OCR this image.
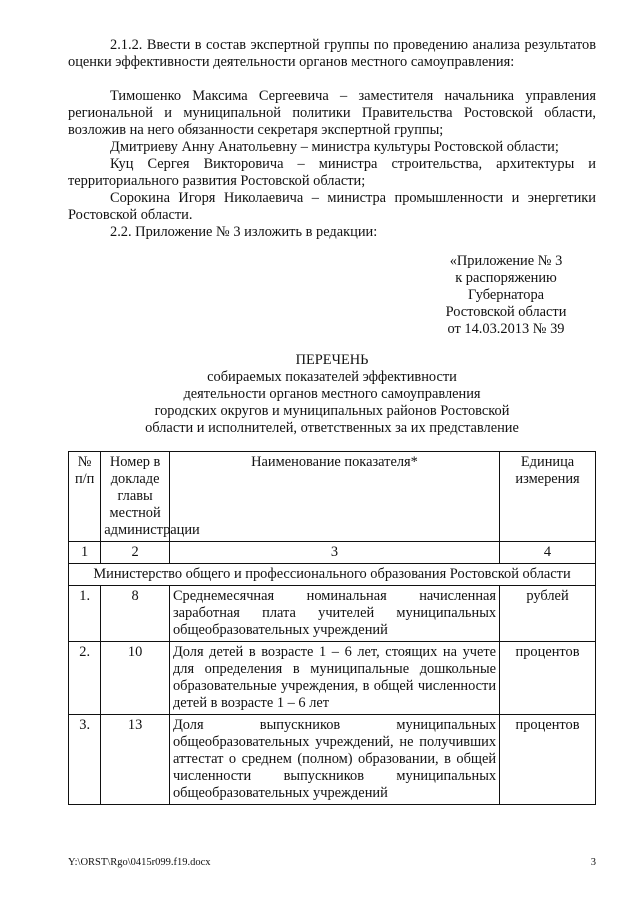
2.1.2. Ввести в состав экспертной группы по проведению анализа результатов оценки эффективности деятельности органов местного самоуправления:
Тимошенко Максима Сергеевича – заместителя начальника управления региональной и муниципальной политики Правительства Ростовской области, возложив на него обязанности секретаря экспертной группы;
Дмитриеву Анну Анатольевну – министра культуры Ростовской области;
Куц Сергея Викторовича – министра строительства, архитектуры и территориального развития Ростовской области;
Сорокина Игоря Николаевича – министра промышленности и энергетики Ростовской области.
2.2. Приложение № 3 изложить в редакции:
«Приложение № 3
к распоряжению
Губернатора
Ростовской области
от 14.03.2013 № 39
ПЕРЕЧЕНЬ
собираемых показателей эффективности
деятельности органов местного самоуправления
городских округов и муниципальных районов Ростовской
области и исполнителей, ответственных за их представление
№ п/п	Номер в докладе главы местной администрации	Наименование показателя*	Единица измерения
1	2	3	4
Министерство общего и профессионального образования Ростовской области			
1.	8	Среднемесячная номинальная начисленная заработная плата учителей муниципальных общеобразовательных учреждений	рублей
2.	10	Доля детей в возрасте 1 – 6 лет, стоящих на учете для определения в муниципальные дошкольные образовательные учреждения, в общей численности детей в возрасте 1 – 6 лет	процентов
3.	13	Доля выпускников муниципальных общеобразовательных учреждений, не получивших аттестат о среднем (полном) образовании, в общей численности выпускников муниципальных общеобразовательных учреждений	процентов
Y:\ORST\Rgo\0415r099.f19.docx	3
